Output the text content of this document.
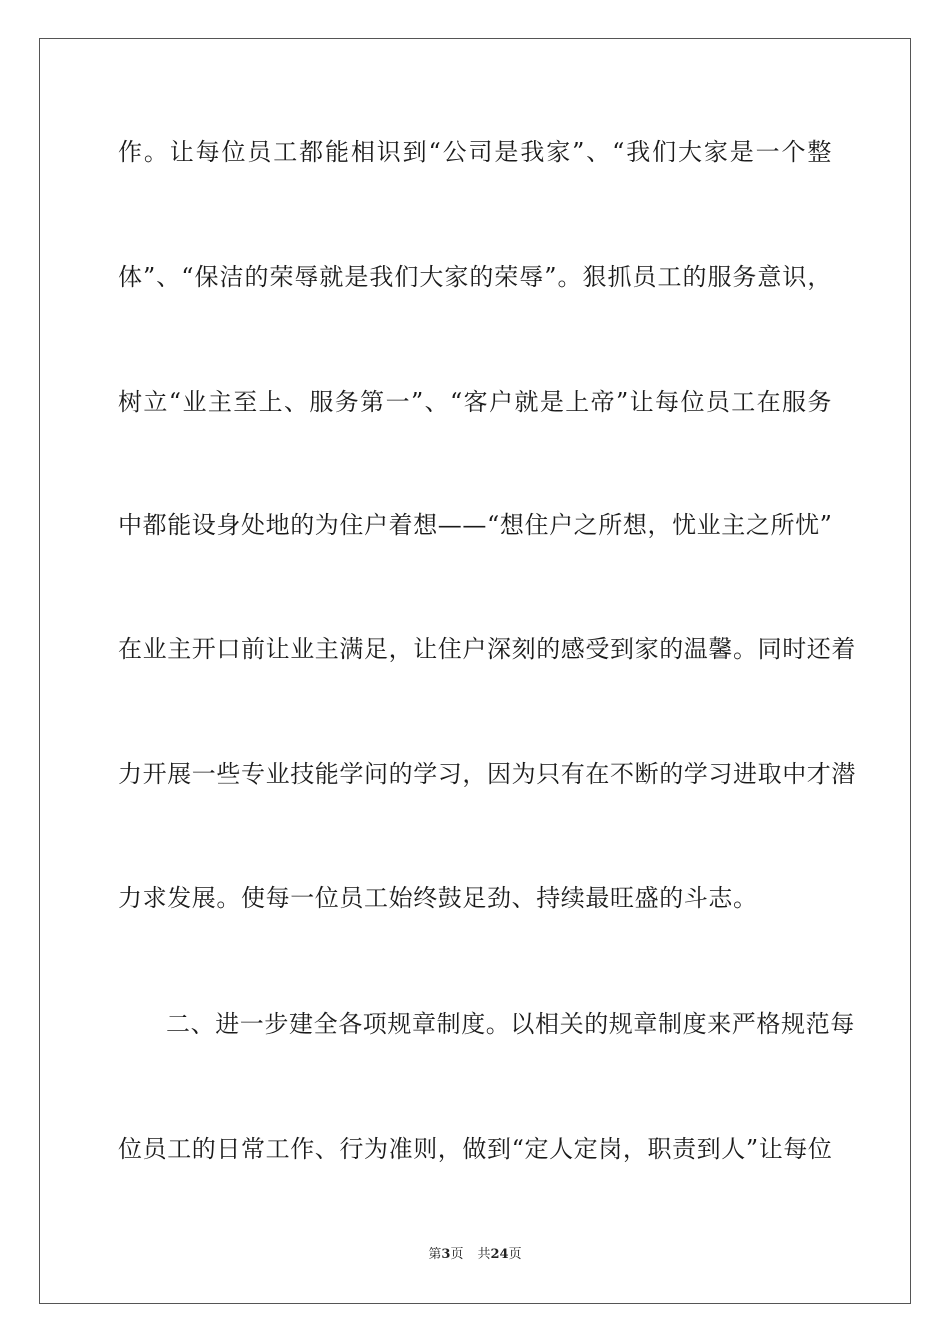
作。让每位员工都能相识到“公司是我家”、“我们大家是一个整
体”、“保洁的荣辱就是我们大家的荣辱”。狠抓员工的服务意识，
树立“业主至上、服务第一”、“客户就是上帝”让每位员工在服务
中都能设身处地的为住户着想——“想住户之所想，忧业主之所忧”
在业主开口前让业主满足，让住户深刻的感受到家的温馨。同时还着
力开展一些专业技能学问的学习，因为只有在不断的学习进取中才潜
力求发展。使每一位员工始终鼓足劲、持续最旺盛的斗志。
二、进一步建全各项规章制度。以相关的规章制度来严格规范每
位员工的日常工作、行为准则，做到“定人定岗，职责到人”让每位
第3页 共24页
